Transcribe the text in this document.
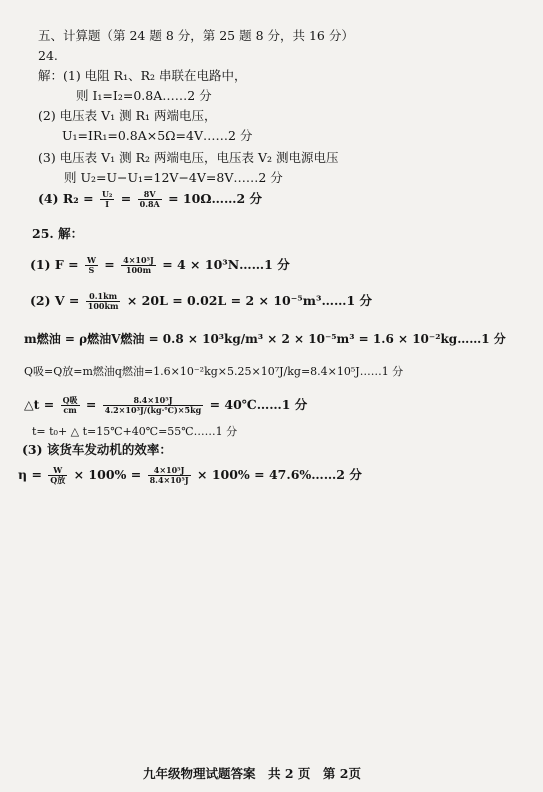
五、计算题（第 24 题 8 分，第 25 题 8 分，共 16 分）
24.
解：(1) 电阻 R₁、R₂ 串联在电路中，
则 I₁=I₂=0.8A……2 分
(2) 电压表 V₁ 测 R₁ 两端电压，
U₁=IR₁=0.8A×5Ω=4V……2 分
(3) 电压表 V₁ 测 R₂ 两端电压，电压表 V₂ 测电源电压
则 U₂=U−U₁=12V−4V=8V……2 分
(4) $R_2 = \frac{\text{U₂}}{I} = \frac{8V}{0.8A}$ = 10Ω……2 分
25. 解：
(1) $F = \frac{W}{S} = \frac{\text{4×10⁵J}}{100m} = 4$ × 10³N……1 分
(2) $V = \frac{0.1km}{100km} \times 20L = 0.02L = 2$ × 10⁻⁵m³……1 分
m燃油 = ρ燃油V燃油 = 0.8 × 10³kg/m³ × 2 × 10⁻⁵m³ = 1.6 × 10⁻²kg……1 分
Q吸=Q放=m燃油q燃油=1.6×10⁻²kg×5.25×10⁷J/kg=8.4×10⁵J……1 分
△t = $\frac{\text{Q吸}}{cm} = \frac{\text{8.4×10⁵J}}{\text{4.2×10³J/(kg·℃)×5kg}}$ = 40℃……1 分
t= t₀+ △ t=15℃+40℃=55℃……1 分
(3) 该货车发动机的效率：
$\eta = \frac{W}{\text{Q放}} \times 100\% = \frac{\text{4×10⁵J}}{\text{8.4×10⁵J}} \times 100\%$ = 47.6%……2 分
九年级物理试题答案　共 2 页　第 2页
